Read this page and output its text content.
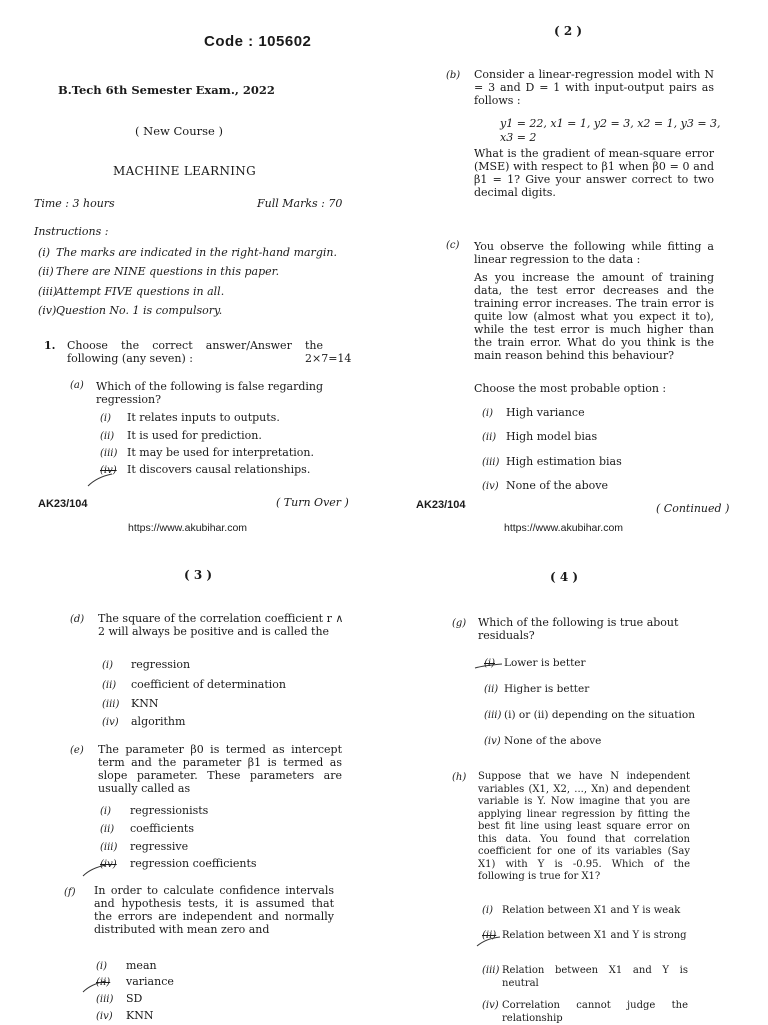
Code : 105602
B.Tech 6th Semester Exam., 2022
( New Course )
MACHINE LEARNING
Time : 3 hours	Full Marks : 70
Instructions :
(i) The marks are indicated in the right-hand margin.
(ii) There are NINE questions in this paper.
(iii)Attempt FIVE questions in all.
(iv)Question No. 1 is compulsory.
1. Choose the correct answer/Answer the
following (any seven) :	2×7=14
(a) Which of the following is false regarding regression?
(i) It relates inputs to outputs.
(ii) It is used for prediction.
(iii) It may be used for interpretation.
(iv) It discovers causal relationships.
AK23/104	( Turn Over )
https://www.akubihar.com
( 2 )
(b) Consider a linear-regression model with N = 3 and D = 1 with input-output pairs as follows :
y1 = 22, x1 = 1, y2 = 3, x2 = 1, y3 = 3,
x3 = 2
What is the gradient of mean-square error (MSE) with respect to β1 when β0 = 0 and β1 = 1? Give your answer correct to two decimal digits.
(c) You observe the following while fitting a linear regression to the data :
As you increase the amount of training data, the test error decreases and the training error increases. The train error is quite low (almost what you expect it to), while the test error is much higher than the train error. What do you think is the main reason behind this behaviour?
Choose the most probable option :
(i) High variance
(ii) High model bias
(iii) High estimation bias
(iv) None of the above
AK23/104	( Continued )
https://www.akubihar.com
( 3 )
(d) The square of the correlation coefficient r ∧ 2 will always be positive and is called the
(i) regression
(ii) coefficient of determination
(iii) KNN
(iv) algorithm
(e) The parameter β0 is termed as intercept term and the parameter β1 is termed as slope parameter. These parameters are usually called as
(i) regressionists
(ii) coefficients
(iii) regressive
(iv) regression coefficients
(f) In order to calculate confidence intervals and hypothesis tests, it is assumed that the errors are independent and normally distributed with mean zero and
(i) mean
(ii) variance
(iii) SD
(iv) KNN
( 4 )
(g) Which of the following is true about residuals?
(i) Lower is better
(ii) Higher is better
(iii) (i) or (ii) depending on the situation
(iv) None of the above
(h) Suppose that we have N independent variables (X1, X2, ..., Xn) and dependent variable is Y. Now imagine that you are applying linear regression by fitting the best fit line using least square error on this data. You found that correlation coefficient for one of its variables (Say X1) with Y is -0.95. Which of the following is true for X1?
(i) Relation between X1 and Y is weak
(ii) Relation between X1 and Y is strong
(iii) Relation between X1 and Y is neutral
(iv) Correlation cannot judge the relationship
